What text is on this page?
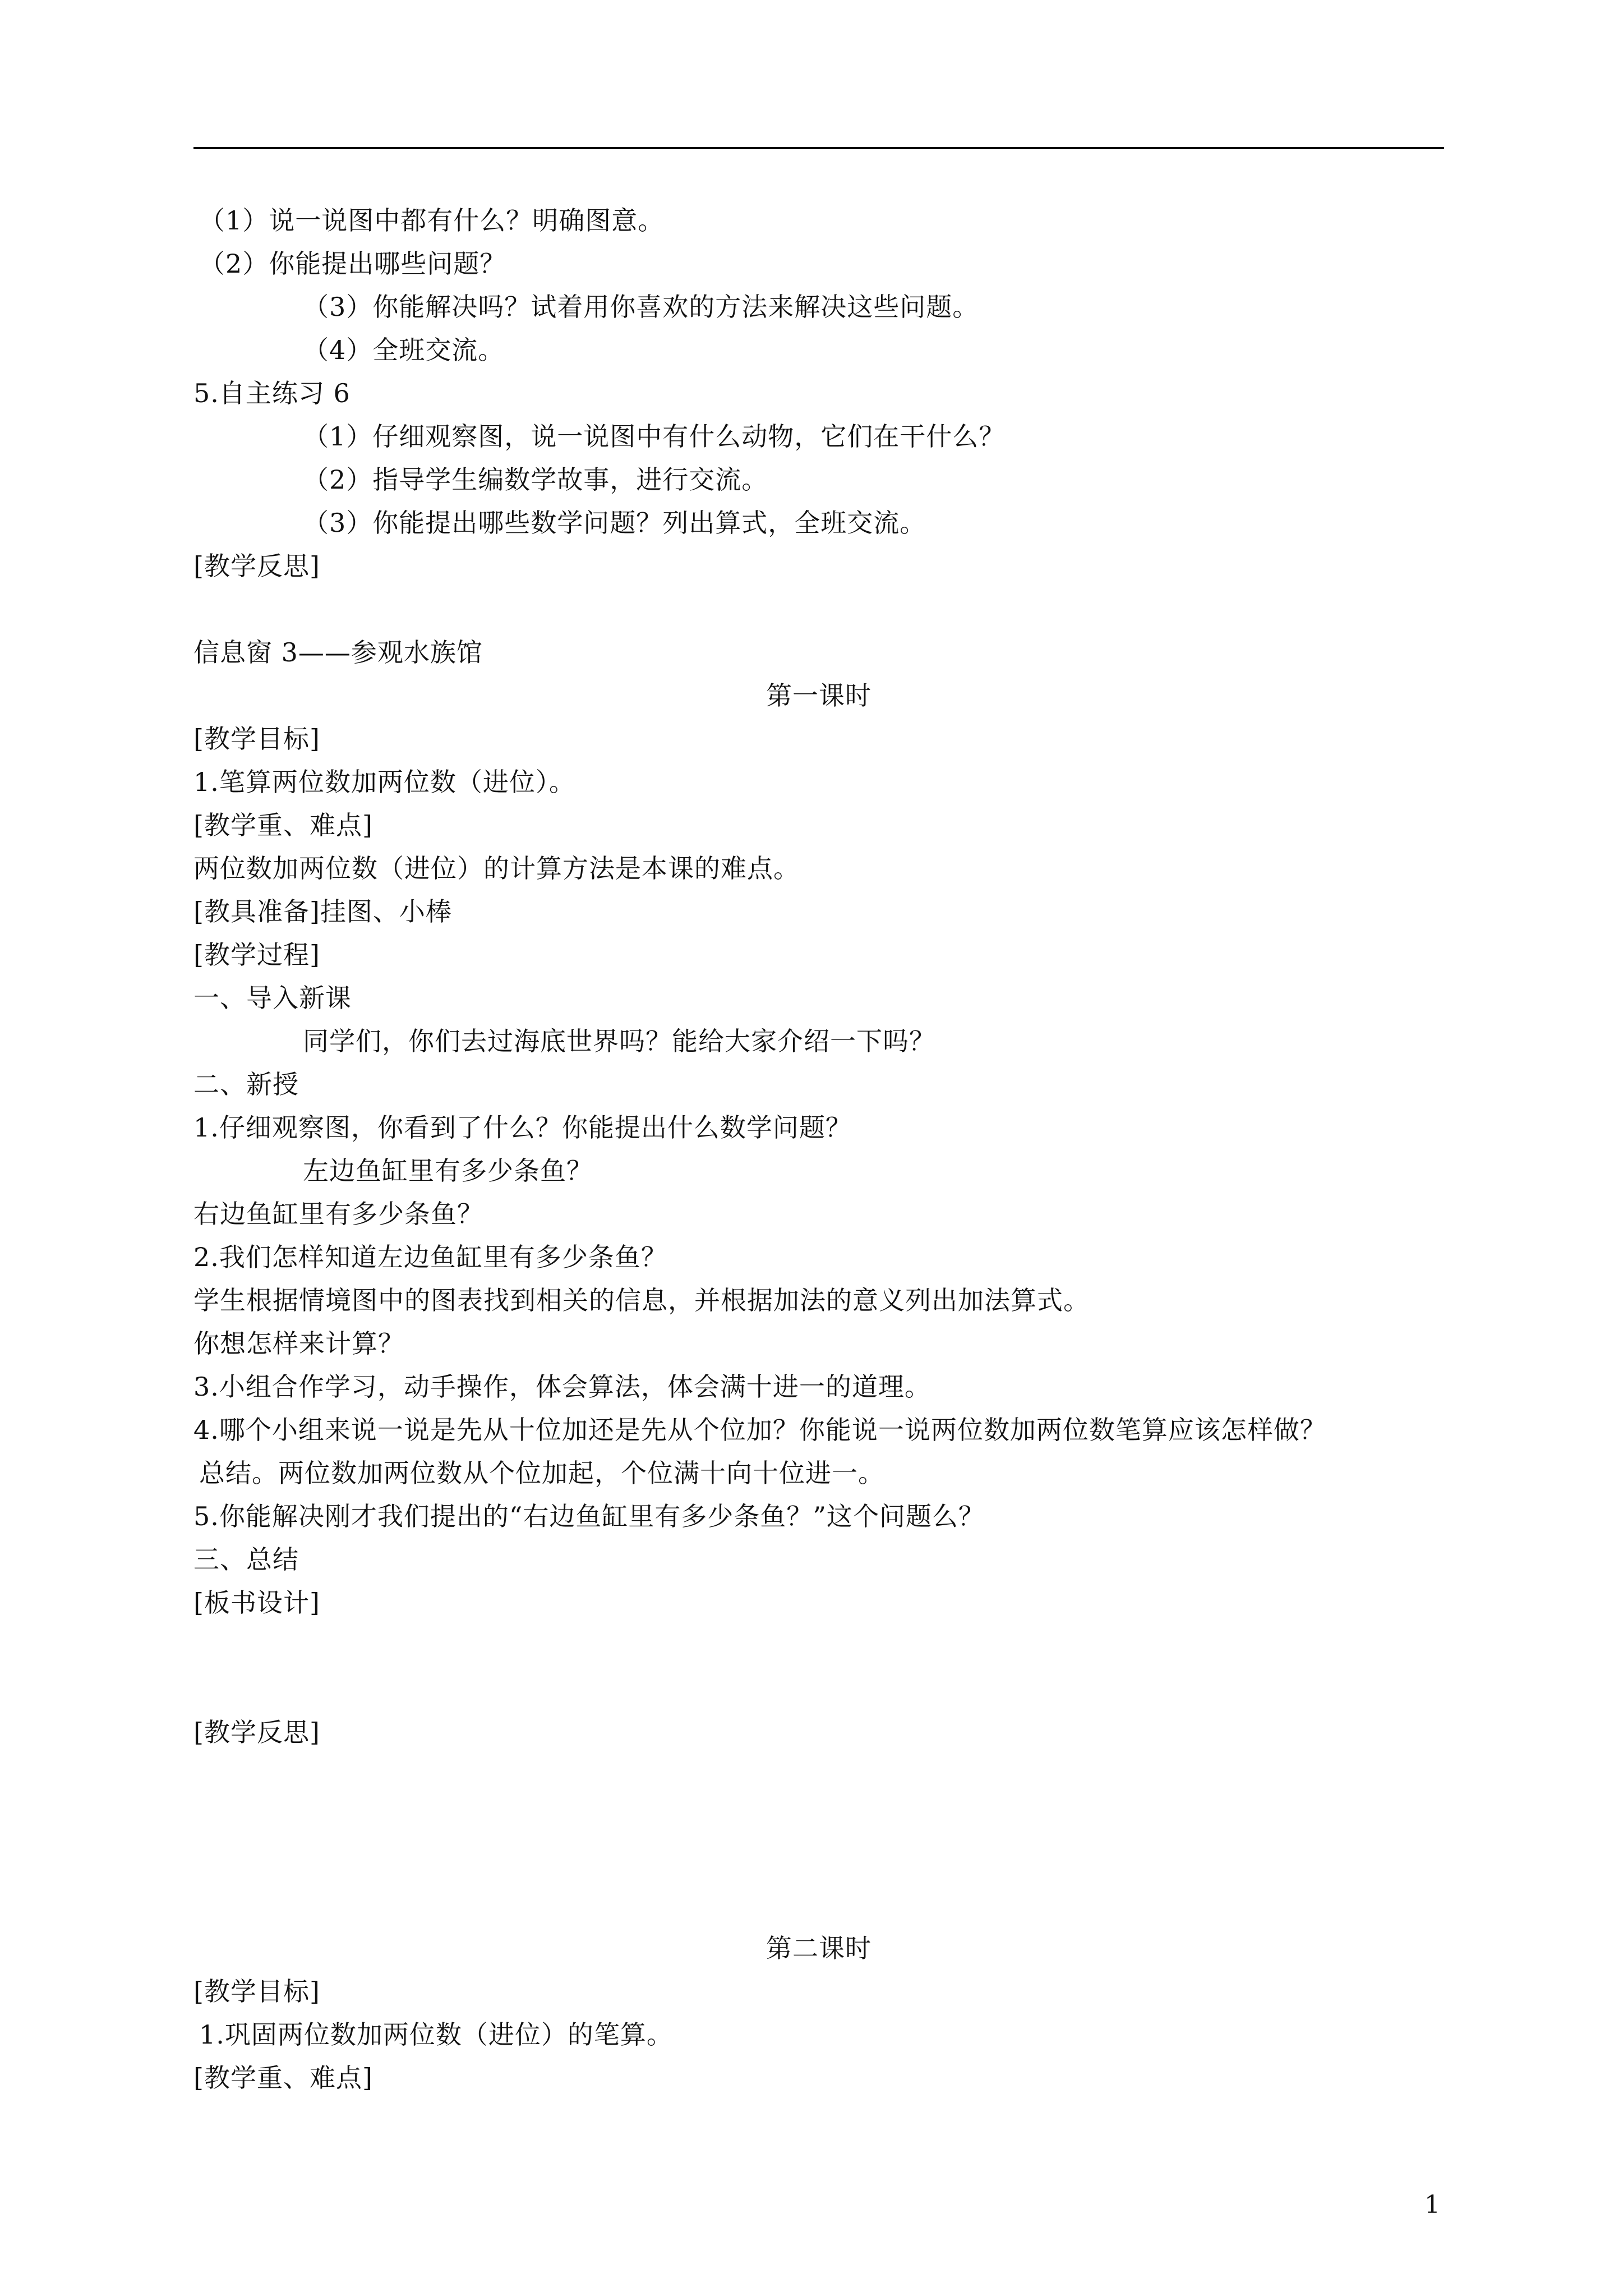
（1）说一说图中都有什么？明确图意。
（2）你能提出哪些问题？
（3）你能解决吗？试着用你喜欢的方法来解决这些问题。
（4）全班交流。
5.自主练习 6
（1）仔细观察图，说一说图中有什么动物，它们在干什么？
（2）指导学生编数学故事，进行交流。
（3）你能提出哪些数学问题？列出算式，全班交流。
[教学反思]
信息窗 3——参观水族馆
第一课时
[教学目标]
1.笔算两位数加两位数（进位）。
[教学重、难点]
两位数加两位数（进位）的计算方法是本课的难点。
[教具准备]挂图、小棒
[教学过程]
一、导入新课
同学们，你们去过海底世界吗？能给大家介绍一下吗？
二、新授
1.仔细观察图，你看到了什么？你能提出什么数学问题？
左边鱼缸里有多少条鱼？
右边鱼缸里有多少条鱼？
2.我们怎样知道左边鱼缸里有多少条鱼？
学生根据情境图中的图表找到相关的信息，并根据加法的意义列出加法算式。
你想怎样来计算？
3.小组合作学习，动手操作，体会算法，体会满十进一的道理。
4.哪个小组来说一说是先从十位加还是先从个位加？你能说一说两位数加两位数笔算应该怎样做？
总结。两位数加两位数从个位加起，个位满十向十位进一。
5.你能解决刚才我们提出的“右边鱼缸里有多少条鱼？”这个问题么？
三、总结
[板书设计]
[教学反思]
第二课时
[教学目标]
1.巩固两位数加两位数（进位）的笔算。
[教学重、难点]
1
